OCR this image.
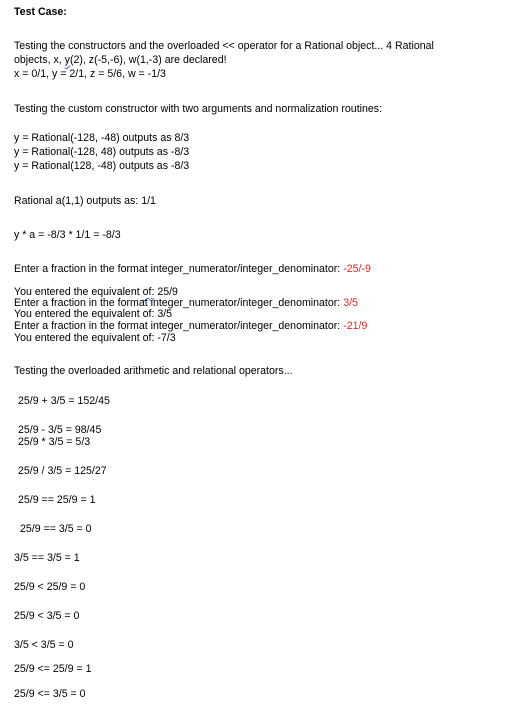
Test Case:
Testing the constructors and the overloaded << operator for a Rational object... 4 Rational
objects, x, y(2), z(-5,-6), w(1,-3) are declared!
x = 0/1, y = 2/1, z = 5/6, w = -1/3
Testing the custom constructor with two arguments and normalization routines:
y = Rational(-128, -48) outputs as 8/3
y = Rational(-128, 48) outputs as -8/3
y = Rational(128, -48) outputs as -8/3
Rational a(1,1) outputs as: 1/1
y * a = -8/3 * 1/1 = -8/3
Enter a fraction in the format integer_numerator/integer_denominator: -25/-9
You entered the equivalent of: 25/9
Enter a fraction in the format integer_numerator/integer_denominator: 3/5
You entered the equivalent of: 3/5
Enter a fraction in the format integer_numerator/integer_denominator: -21/9
You entered the equivalent of: -7/3
Testing the overloaded arithmetic and relational operators...
25/9 + 3/5 = 152/45
25/9 - 3/5 = 98/45
25/9 * 3/5 = 5/3
25/9 / 3/5 = 125/27
25/9 == 25/9 = 1
25/9 == 3/5 = 0
3/5 == 3/5 = 1
25/9 < 25/9 = 0
25/9 < 3/5 = 0
3/5 < 3/5 = 0
25/9 <= 25/9 = 1
25/9 <= 3/5 = 0
